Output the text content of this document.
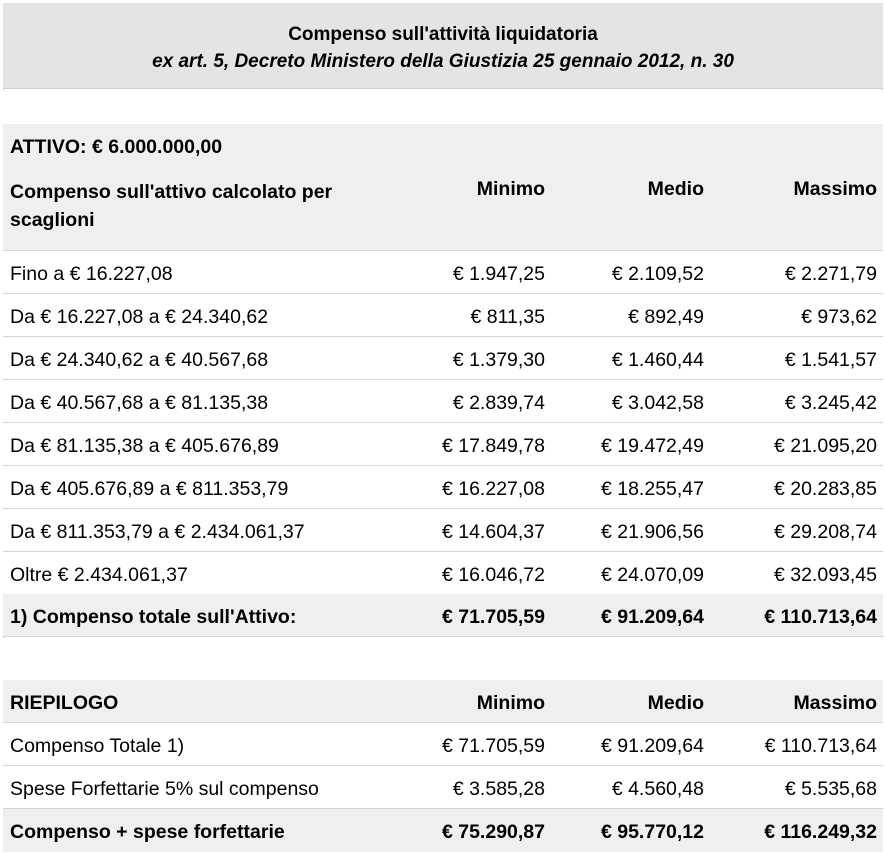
Compenso sull'attività liquidatoria
ex art. 5, Decreto Ministero della Giustizia 25 gennaio 2012, n. 30
ATTIVO: € 6.000.000,00
Compenso sull'attivo calcolato per scaglioni
Minimo	Medio	Massimo
Fino a € 16.227,08	€ 1.947,25	€ 2.109,52	€ 2.271,79
Da € 16.227,08 a € 24.340,62	€ 811,35	€ 892,49	€ 973,62
Da € 24.340,62 a € 40.567,68	€ 1.379,30	€ 1.460,44	€ 1.541,57
Da € 40.567,68 a € 81.135,38	€ 2.839,74	€ 3.042,58	€ 3.245,42
Da € 81.135,38 a € 405.676,89	€ 17.849,78	€ 19.472,49	€ 21.095,20
Da € 405.676,89 a € 811.353,79	€ 16.227,08	€ 18.255,47	€ 20.283,85
Da € 811.353,79 a € 2.434.061,37	€ 14.604,37	€ 21.906,56	€ 29.208,74
Oltre € 2.434.061,37	€ 16.046,72	€ 24.070,09	€ 32.093,45
1) Compenso totale sull'Attivo:	€ 71.705,59	€ 91.209,64	€ 110.713,64
RIEPILOGO	Minimo	Medio	Massimo
Compenso Totale 1)	€ 71.705,59	€ 91.209,64	€ 110.713,64
Spese Forfettarie 5% sul compenso	€ 3.585,28	€ 4.560,48	€ 5.535,68
Compenso + spese forfettarie	€ 75.290,87	€ 95.770,12	€ 116.249,32
